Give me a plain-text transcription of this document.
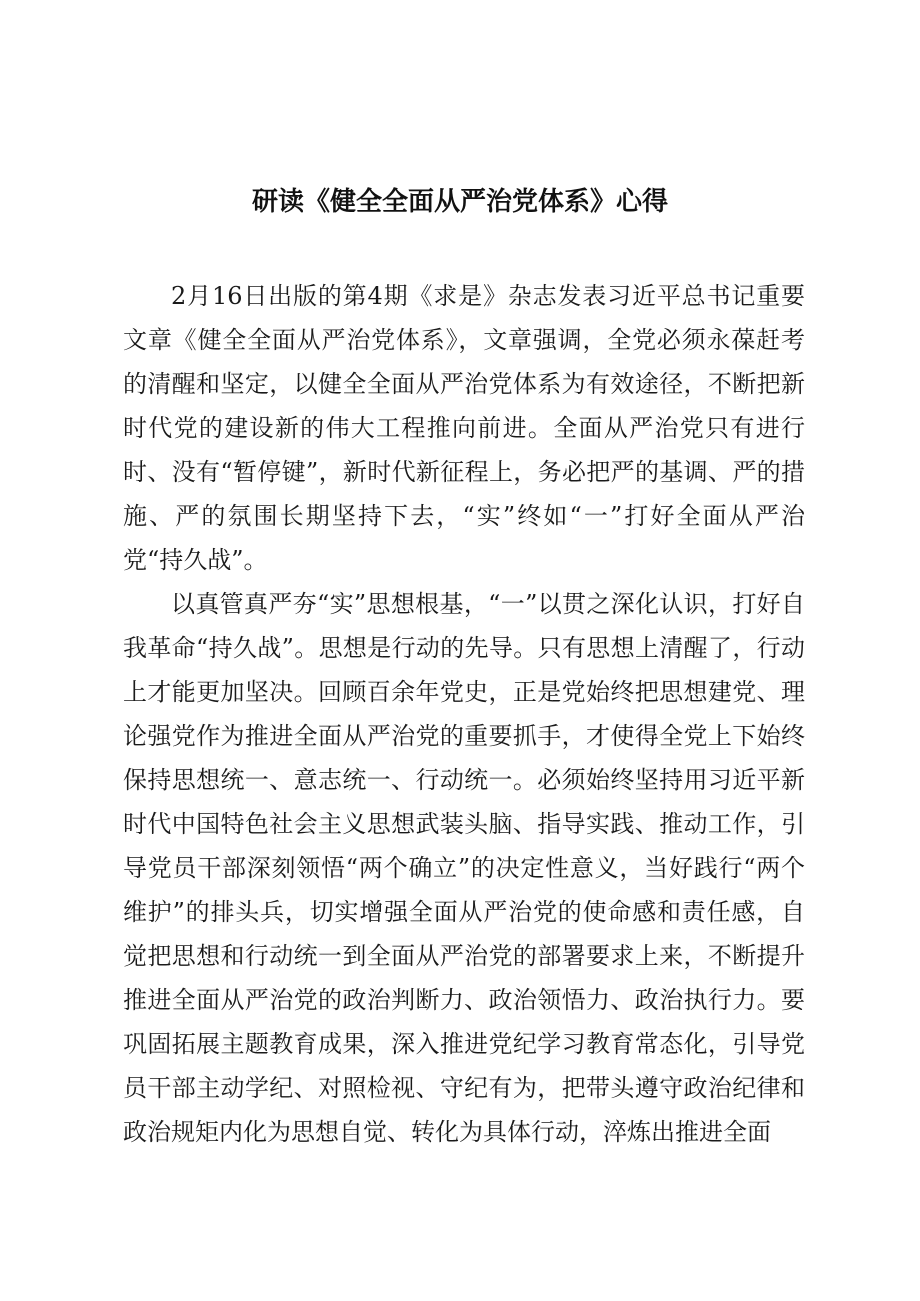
研读《健全全面从严治党体系》心得

2月16日出版的第4期《求是》杂志发表习近平总书记重要文章《健全全面从严治党体系》，文章强调，全党必须永葆赶考的清醒和坚定，以健全全面从严治党体系为有效途径，不断把新时代党的建设新的伟大工程推向前进。全面从严治党只有进行时、没有“暂停键”，新时代新征程上，务必把严的基调、严的措施、严的氛围长期坚持下去，“实”终如“一”打好全面从严治党“持久战”。

以真管真严夯“实”思想根基，“一”以贯之深化认识，打好自我革命“持久战”。思想是行动的先导。只有思想上清醒了，行动上才能更加坚决。回顾百余年党史，正是党始终把思想建党、理论强党作为推进全面从严治党的重要抓手，才使得全党上下始终保持思想统一、意志统一、行动统一。必须始终坚持用习近平新时代中国特色社会主义思想武装头脑、指导实践、推动工作，引导党员干部深刻领悟“两个确立”的决定性意义，当好践行“两个维护”的排头兵，切实增强全面从严治党的使命感和责任感，自觉把思想和行动统一到全面从严治党的部署要求上来，不断提升推进全面从严治党的政治判断力、政治领悟力、政治执行力。要巩固拓展主题教育成果，深入推进党纪学习教育常态化，引导党员干部主动学纪、对照检视、守纪有为，把带头遵守政治纪律和政治规矩内化为思想自觉、转化为具体行动，淬炼出推进全面
